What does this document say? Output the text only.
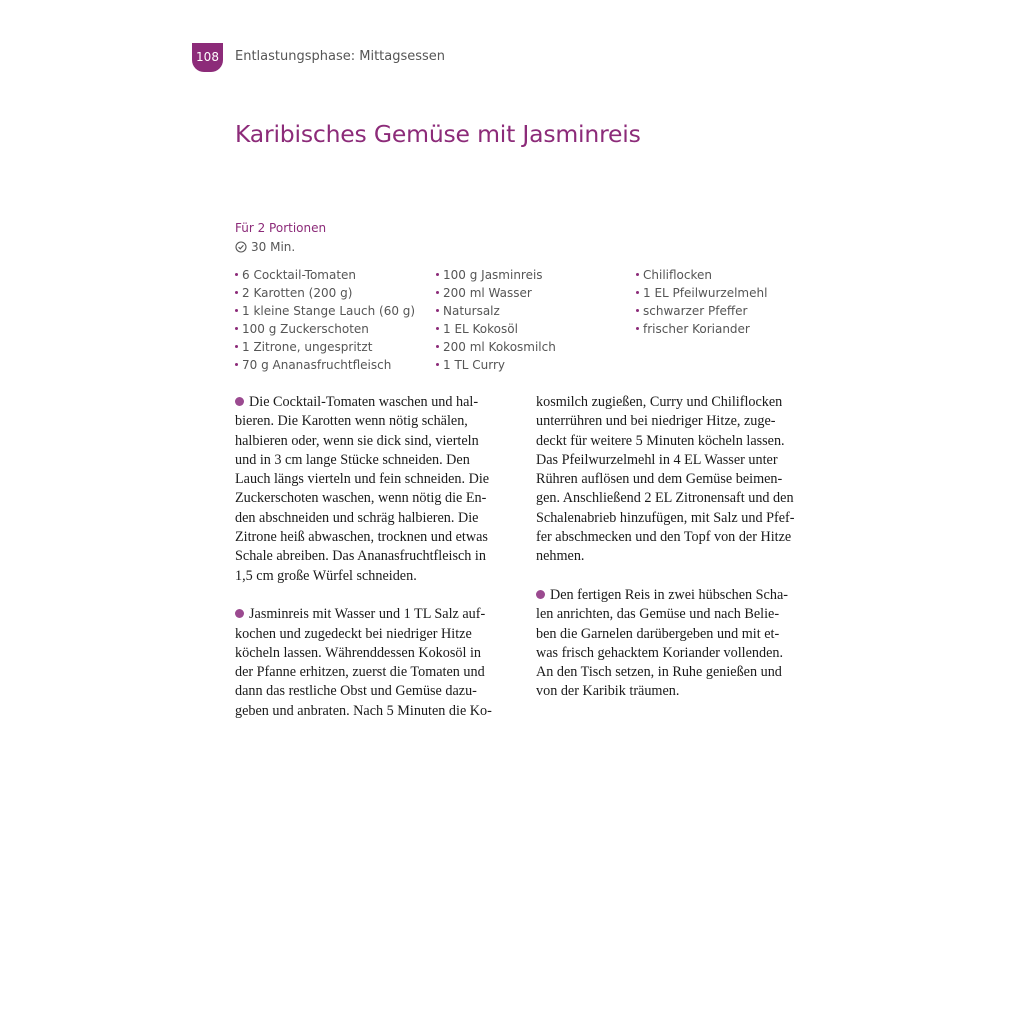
108	Entlastungsphase: Mittagsessen
Karibisches Gemüse mit Jasminreis
Für 2 Portionen
30 Min.
6 Cocktail-Tomaten
2 Karotten (200 g)
1 kleine Stange Lauch (60 g)
100 g Zuckerschoten
1 Zitrone, ungespritzt
70 g Ananasfruchtfleisch
100 g Jasminreis
200 ml Wasser
Natursalz
1 EL Kokosöl
200 ml Kokosmilch
1 TL Curry
Chiliflocken
1 EL Pfeilwurzelmehl
schwarzer Pfeffer
frischer Koriander

Die Cocktail-Tomaten waschen und hal-
bieren. Die Karotten wenn nötig schälen,
halbieren oder, wenn sie dick sind, vierteln
und in 3 cm lange Stücke schneiden. Den
Lauch längs vierteln und fein schneiden. Die
Zuckerschoten waschen, wenn nötig die En-
den abschneiden und schräg halbieren. Die
Zitrone heiß abwaschen, trocknen und etwas
Schale abreiben. Das Ananasfruchtfleisch in
1,5 cm große Würfel schneiden.

Jasminreis mit Wasser und 1 TL Salz auf-
kochen und zugedeckt bei niedriger Hitze
köcheln lassen. Währenddessen Kokosöl in
der Pfanne erhitzen, zuerst die Tomaten und
dann das restliche Obst und Gemüse dazu-
geben und anbraten. Nach 5 Minuten die Ko-

kosmilch zugießen, Curry und Chiliflocken
unterrühren und bei niedriger Hitze, zuge-
deckt für weitere 5 Minuten köcheln lassen.
Das Pfeilwurzelmehl in 4 EL Wasser unter
Rühren auflösen und dem Gemüse beimen-
gen. Anschließend 2 EL Zitronensaft und den
Schalenabrieb hinzufügen, mit Salz und Pfef-
fer abschmecken und den Topf von der Hitze
nehmen.

Den fertigen Reis in zwei hübschen Scha-
len anrichten, das Gemüse und nach Belie-
ben die Garnelen darübergeben und mit et-
was frisch gehacktem Koriander vollenden.
An den Tisch setzen, in Ruhe genießen und
von der Karibik träumen.
